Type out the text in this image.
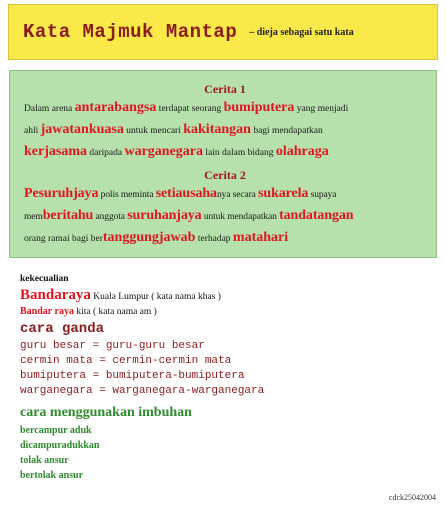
Kata Majmuk Mantap – dieja sebagai satu kata
Cerita 1
Dalam arena antarabangsa terdapat seorang bumiputera yang menjadi
ahli jawatankuasa untuk mencari kakitangan bagi mendapatkan
kerjasama daripada warganegara lain dalam bidang olahraga
Cerita 2
Pesuruhjaya polis meminta setiausahanya secara sukarela supaya
memberitahu anggota suruhanjaya untuk mendapatkan tandatangan
orang ramai bagi bertanggungjawab terhadap matahari
kekecualian
Bandaraya Kuala Lumpur ( kata nama khas )
Bandar raya kita ( kata nama am )
cara ganda
guru besar = guru-guru besar
cermin mata = cermin-cermin mata
bumiputera = bumiputera-bumiputera
warganegara = warganegara-warganegara
cara menggunakan imbuhan
bercampur aduk
dicampuradukkan
tolak ansur
bertolak ansur
cdck25042004
